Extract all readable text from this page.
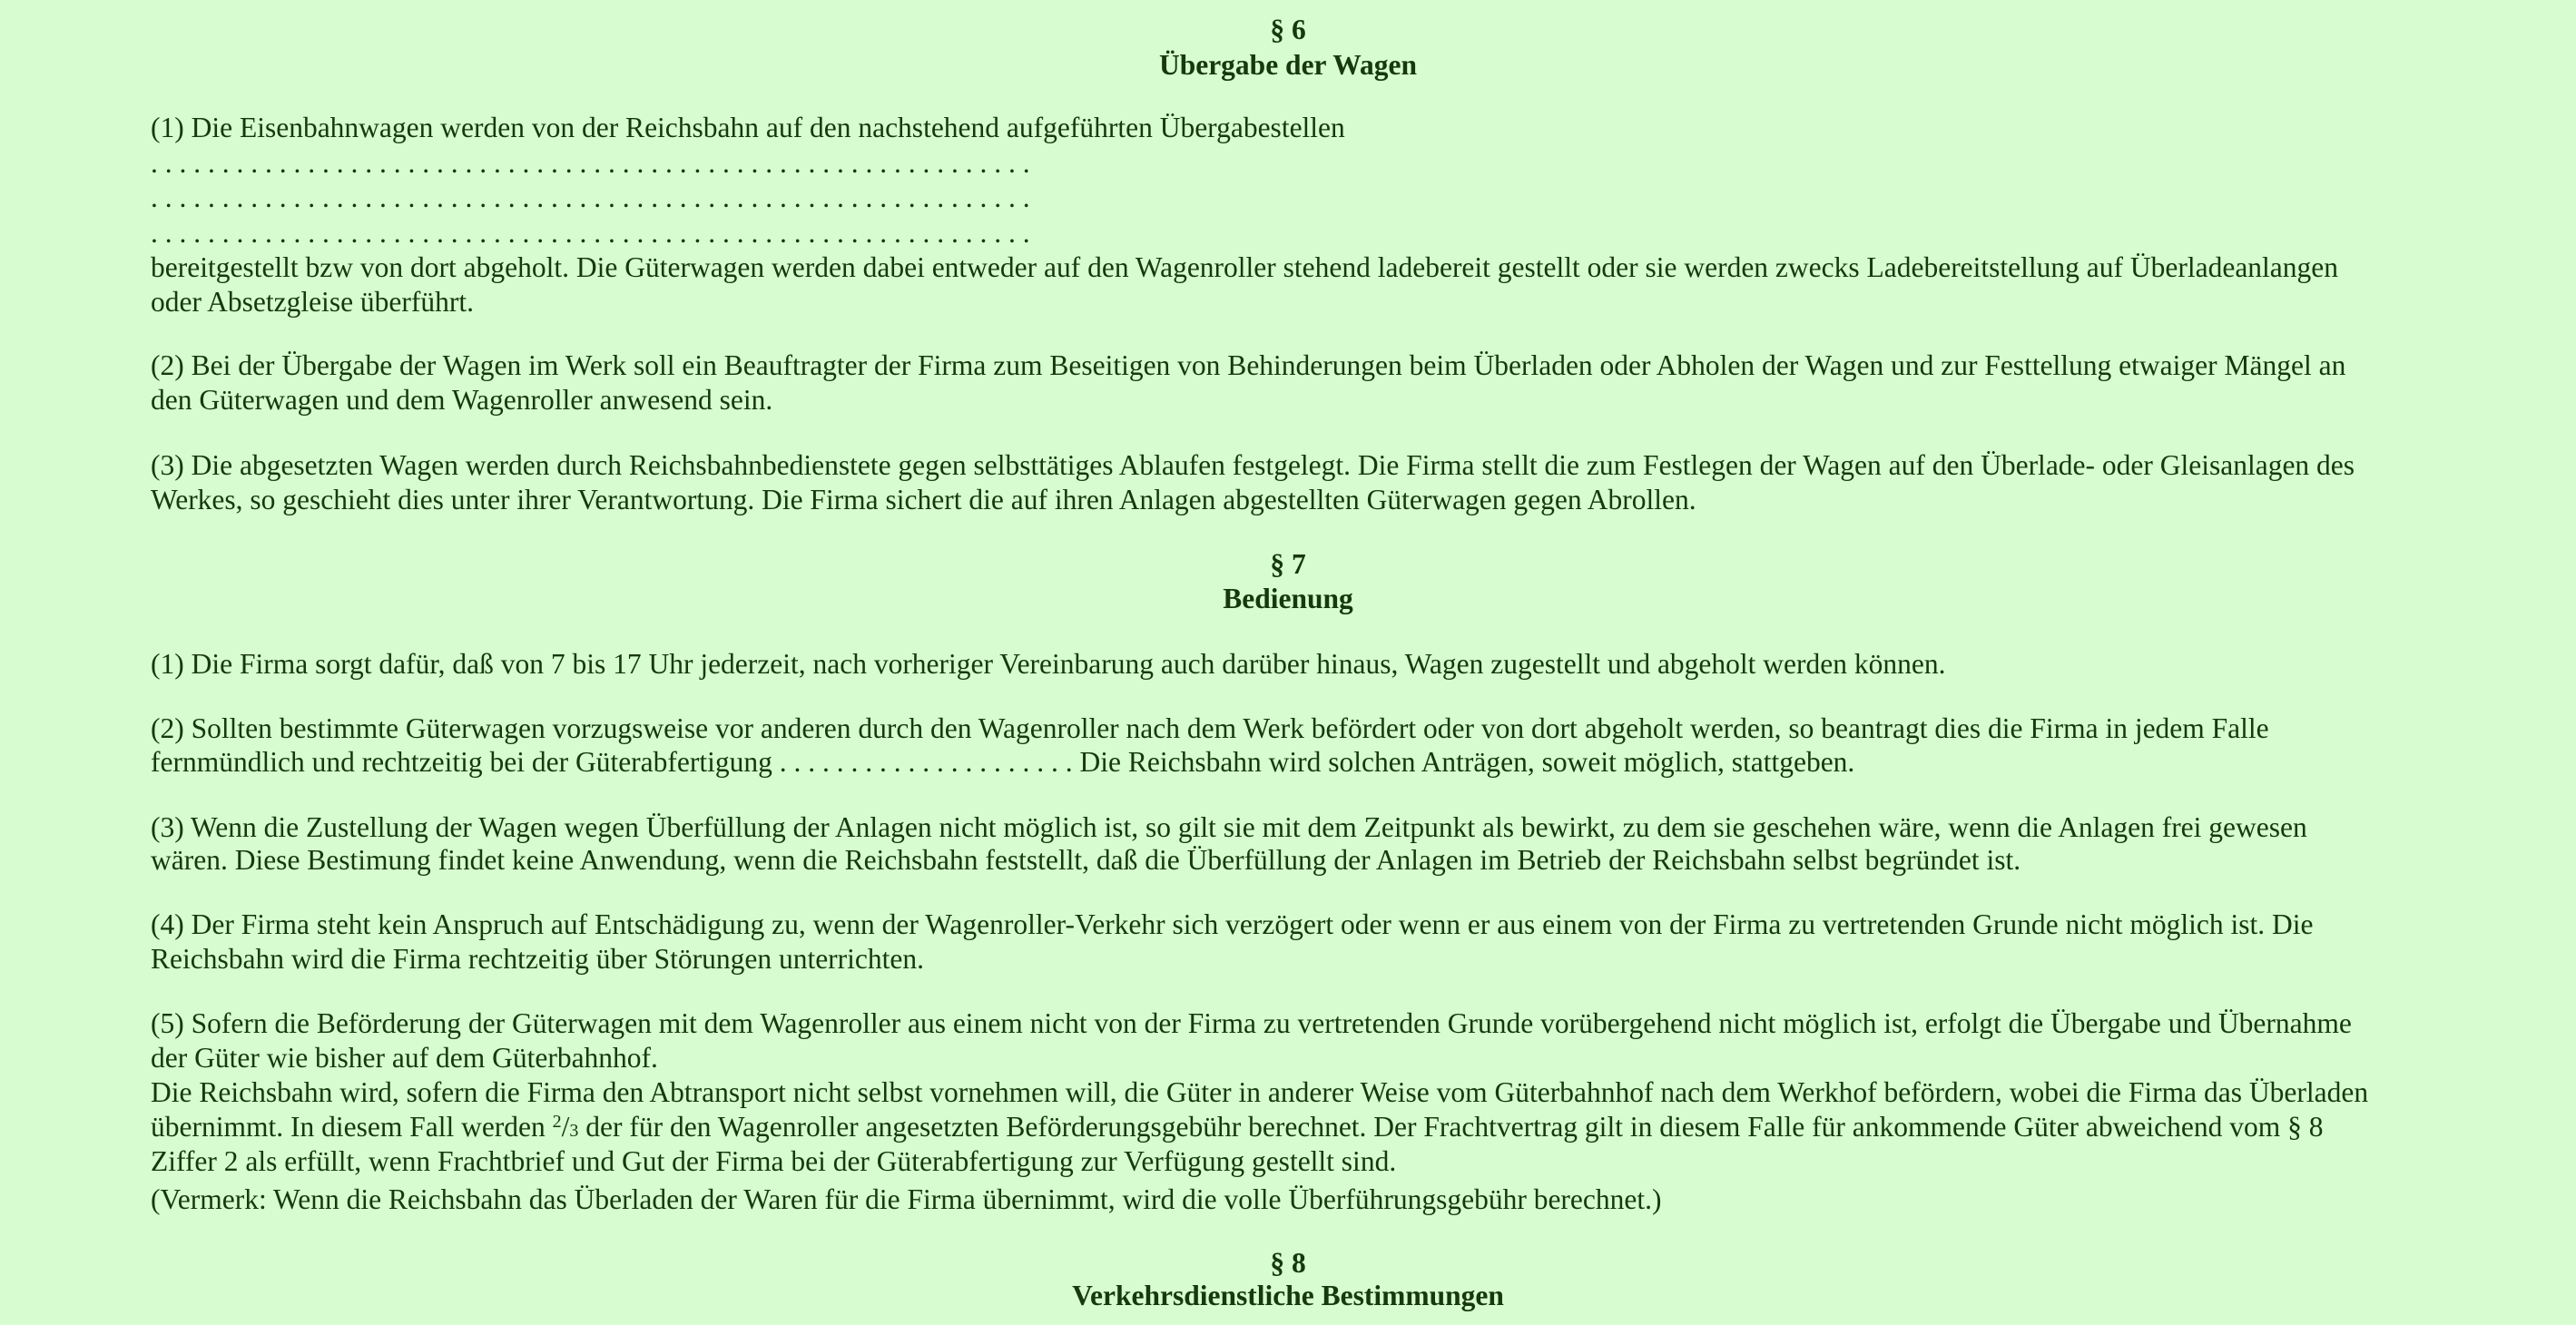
§ 6
Übergabe der Wagen
(1) Die Eisenbahnwagen werden von der Reichsbahn auf den nachstehend aufgeführten Übergabestellen
. . . . . . . . . . . . . . . . . . . . . . . . . . . . . . . . . . . . . . . . . . . . . . . . . . . . . . . . . . . . . .
. . . . . . . . . . . . . . . . . . . . . . . . . . . . . . . . . . . . . . . . . . . . . . . . . . . . . . . . . . . . . .
. . . . . . . . . . . . . . . . . . . . . . . . . . . . . . . . . . . . . . . . . . . . . . . . . . . . . . . . . . . . . .
bereitgestellt bzw von dort abgeholt. Die Güterwagen werden dabei entweder auf den Wagenroller stehend ladebereit gestellt oder sie werden zwecks Ladebereitstellung auf Überladeanlangen
oder Absetzgleise überführt.
(2) Bei der Übergabe der Wagen im Werk soll ein Beauftragter der Firma zum Beseitigen von Behinderungen beim Überladen oder Abholen der Wagen und zur Festtellung etwaiger Mängel an
den Güterwagen und dem Wagenroller anwesend sein.
(3) Die abgesetzten Wagen werden durch Reichsbahnbedienstete gegen selbsttätiges Ablaufen festgelegt. Die Firma stellt die zum Festlegen der Wagen auf den Überlade- oder Gleisanlagen des
Werkes, so geschieht dies unter ihrer Verantwortung. Die Firma sichert die auf ihren Anlagen abgestellten Güterwagen gegen Abrollen.
§ 7
Bedienung
(1) Die Firma sorgt dafür, daß von 7 bis 17 Uhr jederzeit, nach vorheriger Vereinbarung auch darüber hinaus, Wagen zugestellt und abgeholt werden können.
(2) Sollten bestimmte Güterwagen vorzugsweise vor anderen durch den Wagenroller nach dem Werk befördert oder von dort abgeholt werden, so beantragt dies die Firma in jedem Falle
fernmündlich und rechtzeitig bei der Güterabfertigung . . . . . . . . . . . . . . . . . . . . . Die Reichsbahn wird solchen Anträgen, soweit möglich, stattgeben.
(3) Wenn die Zustellung der Wagen wegen Überfüllung der Anlagen nicht möglich ist, so gilt sie mit dem Zeitpunkt als bewirkt, zu dem sie geschehen wäre, wenn die Anlagen frei gewesen
wären. Diese Bestimung findet keine Anwendung, wenn die Reichsbahn feststellt, daß die Überfüllung der Anlagen im Betrieb der Reichsbahn selbst begründet ist.
(4) Der Firma steht kein Anspruch auf Entschädigung zu, wenn der Wagenroller-Verkehr sich verzögert oder wenn er aus einem von der Firma zu vertretenden Grunde nicht möglich ist. Die
Reichsbahn wird die Firma rechtzeitig über Störungen unterrichten.
(5) Sofern die Beförderung der Güterwagen mit dem Wagenroller aus einem nicht von der Firma zu vertretenden Grunde vorübergehend nicht möglich ist, erfolgt die Übergabe und Übernahme
der Güter wie bisher auf dem Güterbahnhof.
Die Reichsbahn wird, sofern die Firma den Abtransport nicht selbst vornehmen will, die Güter in anderer Weise vom Güterbahnhof nach dem Werkhof befördern, wobei die Firma das Überladen
übernimmt. In diesem Fall werden $^2$/3 der für den Wagenroller angesetzten Beförderungsgebühr berechnet. Der Frachtvertrag gilt in diesem Falle für ankommende Güter abweichend vom § 8
Ziffer 2 als erfüllt, wenn Frachtbrief und Gut der Firma bei der Güterabfertigung zur Verfügung gestellt sind.
(Vermerk: Wenn die Reichsbahn das Überladen der Waren für die Firma übernimmt, wird die volle Überführungsgebühr berechnet.)
§ 8
Verkehrsdienstliche Bestimmungen
